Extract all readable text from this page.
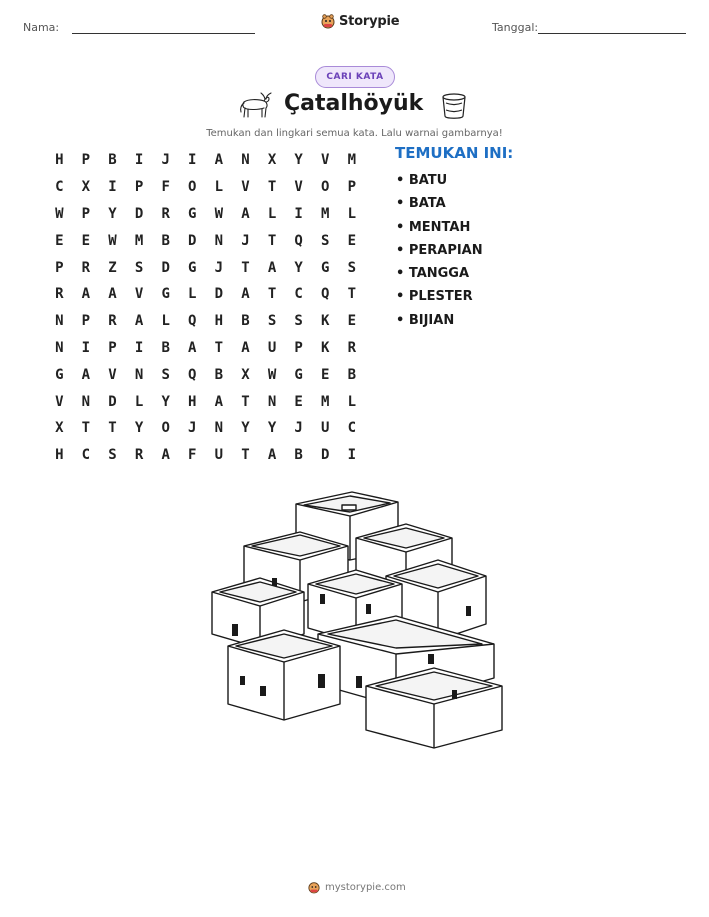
Nama:	Storypie	Tanggal:
CARI KATA
Çatalhöyük
Temukan dan lingkari semua kata. Lalu warnai gambarnya!
H	P	B	I	J	I	A	N	X	Y	V	M
C	X	I	P	F	O	L	V	T	V	O	P
W	P	Y	D	R	G	W	A	L	I	M	L
E	E	W	M	B	D	N	J	T	Q	S	E
P	R	Z	S	D	G	J	T	A	Y	G	S
R	A	A	V	G	L	D	A	T	C	Q	T
N	P	R	A	L	Q	H	B	S	S	K	E
N	I	P	I	B	A	T	A	U	P	K	R
G	A	V	N	S	Q	B	X	W	G	E	B
V	N	D	L	Y	H	A	T	N	E	M	L
X	T	T	Y	O	J	N	Y	Y	J	U	C
H	C	S	R	A	F	U	T	A	B	D	I
TEMUKAN INI:
• BATU
• BATA
• MENTAH
• PERAPIAN
• TANGGA
• PLESTER
• BIJIAN
mystorypie.com
